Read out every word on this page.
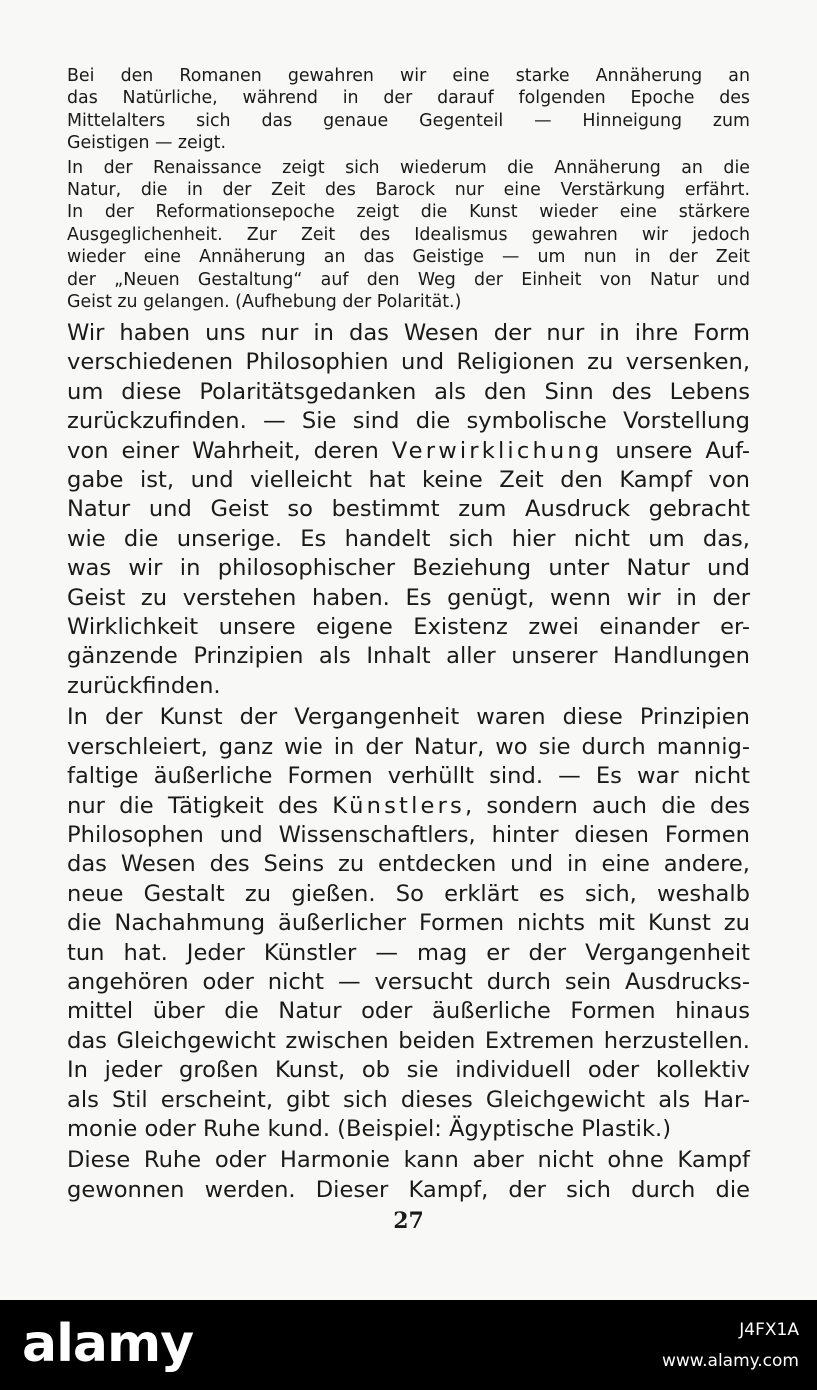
Bei den Romanen gewahren wir eine starke Annäherung an
das Natürliche, während in der darauf folgenden Epoche des
Mittelalters sich das genaue Gegenteil — Hinneigung zum
Geistigen — zeigt.
In der Renaissance zeigt sich wiederum die Annäherung an die
Natur, die in der Zeit des Barock nur eine Verstärkung erfährt.
In der Reformationsepoche zeigt die Kunst wieder eine stärkere
Ausgeglichenheit. Zur Zeit des Idealismus gewahren wir jedoch
wieder eine Annäherung an das Geistige — um nun in der Zeit
der „Neuen Gestaltung“ auf den Weg der Einheit von Natur und
Geist zu gelangen. (Aufhebung der Polarität.)
Wir haben uns nur in das Wesen der nur in ihre Form
verschiedenen Philosophien und Religionen zu versenken,
um diese Polaritätsgedanken als den Sinn des Lebens
zurückzufinden. — Sie sind die symbolische Vorstellung
von einer Wahrheit, deren Verwirklichung unsere Auf-
gabe ist, und vielleicht hat keine Zeit den Kampf von
Natur und Geist so bestimmt zum Ausdruck gebracht
wie die unserige. Es handelt sich hier nicht um das,
was wir in philosophischer Beziehung unter Natur und
Geist zu verstehen haben. Es genügt, wenn wir in der
Wirklichkeit unsere eigene Existenz zwei einander er-
gänzende Prinzipien als Inhalt aller unserer Handlungen
zurückfinden.
In der Kunst der Vergangenheit waren diese Prinzipien
verschleiert, ganz wie in der Natur, wo sie durch mannig-
faltige äußerliche Formen verhüllt sind. — Es war nicht
nur die Tätigkeit des Künstlers, sondern auch die des
Philosophen und Wissenschaftlers, hinter diesen Formen
das Wesen des Seins zu entdecken und in eine andere,
neue Gestalt zu gießen. So erklärt es sich, weshalb
die Nachahmung äußerlicher Formen nichts mit Kunst zu
tun hat. Jeder Künstler — mag er der Vergangenheit
angehören oder nicht — versucht durch sein Ausdrucks-
mittel über die Natur oder äußerliche Formen hinaus
das Gleichgewicht zwischen beiden Extremen herzustellen.
In jeder großen Kunst, ob sie individuell oder kollektiv
als Stil erscheint, gibt sich dieses Gleichgewicht als Har-
monie oder Ruhe kund. (Beispiel: Ägyptische Plastik.)
Diese Ruhe oder Harmonie kann aber nicht ohne Kampf
gewonnen werden. Dieser Kampf, der sich durch die
27
alamy	J4FX1A
www.alamy.com
